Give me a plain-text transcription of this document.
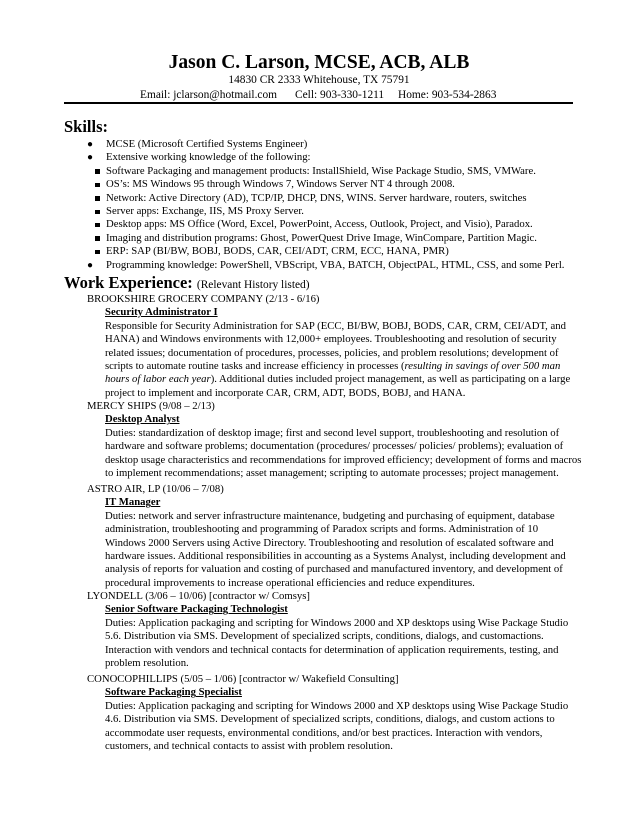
Jason C. Larson, MCSE, ACB, ALB
14830 CR 2333 Whitehouse, TX 75791
Email: jclarson@hotmail.com Cell: 903-330-1211 Home: 903-534-2863
Skills:
● MCSE (Microsoft Certified Systems Engineer)
● Extensive working knowledge of the following:
Software Packaging and management products: InstallShield, Wise Package Studio, SMS, VMWare.
OS’s: MS Windows 95 through Windows 7, Windows Server NT 4 through 2008.
Network: Active Directory (AD), TCP/IP, DHCP, DNS, WINS. Server hardware, routers, switches
Server apps: Exchange, IIS, MS Proxy Server.
Desktop apps: MS Office (Word, Excel, PowerPoint, Access, Outlook, Project, and Visio), Paradox.
Imaging and distribution programs: Ghost, PowerQuest Drive Image, WinCompare, Partition Magic.
ERP: SAP (BI/BW, BOBJ, BODS, CAR, CEI/ADT, CRM, ECC, HANA, PMR)
● Programming knowledge: PowerShell, VBScript, VBA, BATCH, ObjectPAL, HTML, CSS, and some Perl.
Work Experience: (Relevant History listed)
BROOKSHIRE GROCERY COMPANY (2/13 - 6/16)
Security Administrator I
Responsible for Security Administration for SAP (ECC, BI/BW, BOBJ, BODS, CAR, CRM, CEI/ADT, and
HANA) and Windows environments with 12,000+ employees. Troubleshooting and resolution of security
related issues; documentation of procedures, processes, policies, and problem resolutions; development of
scripts to automate routine tasks and increase efficiency in processes (resulting in savings of over 500 man
hours of labor each year). Additional duties included project management, as well as participating on a large
project to implement and incorporate CAR, CRM, ADT, BODS, BOBJ, and HANA.
MERCY SHIPS (9/08 – 2/13)
Desktop Analyst
Duties: standardization of desktop image; first and second level support, troubleshooting and resolution of
hardware and software problems; documentation (procedures/ processes/ policies/ problems); evaluation of
desktop usage characteristics and recommendations for improved efficiency; development of forms and macros
to implement recommendations; asset management; scripting to automate processes; project management.
ASTRO AIR, LP (10/06 – 7/08)
IT Manager
Duties: network and server infrastructure maintenance, budgeting and purchasing of equipment, database
administration, troubleshooting and programming of Paradox scripts and forms. Administration of 10
Windows 2000 Servers using Active Directory. Troubleshooting and resolution of escalated software and
hardware issues. Additional responsibilities in accounting as a Systems Analyst, including development and
analysis of reports for valuation and costing of purchased and manufactured inventory, and development of
procedural improvements to increase operational efficiencies and reduce expenditures.
LYONDELL (3/06 – 10/06) [contractor w/ Comsys]
Senior Software Packaging Technologist
Duties: Application packaging and scripting for Windows 2000 and XP desktops using Wise Package Studio
5.6. Distribution via SMS. Development of specialized scripts, conditions, dialogs, and customactions.
Interaction with vendors and technical contacts for determination of application requirements, testing, and
problem resolution.
CONOCOPHILLIPS (5/05 – 1/06) [contractor w/ Wakefield Consulting]
Software Packaging Specialist
Duties: Application packaging and scripting for Windows 2000 and XP desktops using Wise Package Studio
4.6. Distribution via SMS. Development of specialized scripts, conditions, dialogs, and custom actions to
accommodate user requests, environmental conditions, and/or best practices. Interaction with vendors,
customers, and technical contacts to assist with problem resolution.
